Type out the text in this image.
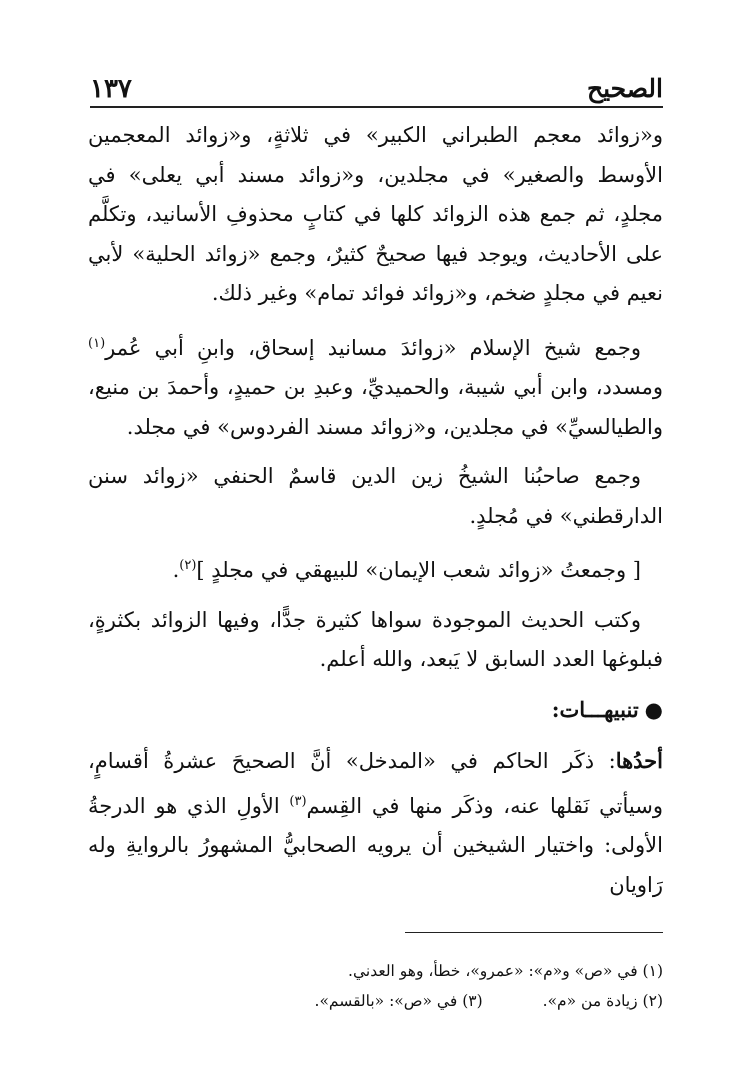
الصحيح
١٣٧

و«زوائد معجم الطبراني الكبير» في ثلاثةٍ، و«زوائد المعجمين الأوسط والصغير» في مجلدين، و«زوائد مسند أبي يعلى» في مجلدٍ، ثم جمع هذه الزوائد كلها في كتابٍ محذوفِ الأسانيد، وتكلَّم على الأحاديث، ويوجد فيها صحيحٌ كثيرٌ، وجمع «زوائد الحلية» لأبي نعيم في مجلدٍ ضخم، و«زوائد فوائد تمام» وغير ذلك.

وجمع شيخ الإسلام «زوائدَ مسانيد إسحاق، وابنِ أبي عُمر$^{(١)}$ ومسدد، وابن أبي شيبة، والحميديِّ، وعبدِ بن حميدٍ، وأحمدَ بن منيع، والطيالسيِّ» في مجلدين، و«زوائد مسند الفردوس» في مجلد.

وجمع صاحبُنا الشيخُ زين الدين قاسمٌ الحنفي «زوائد سنن الدارقطني» في مُجلدٍ.

[ وجمعتُ «زوائد شعب الإيمان» للبيهقي في مجلدٍ ]$^{(٢)}$.

وكتب الحديث الموجودة سواها كثيرة جدًّا، وفيها الزوائد بكثرةٍ، فبلوغها العدد السابق لا يَبعد، والله أعلم.

●تنبيهـــات:

أحدُها: ذكَر الحاكم في «المدخل» أنَّ الصحيحَ عشرةُ أقسامٍ، وسيأتي نَقلها عنه، وذكَر منها في القِسم$^{(٣)}$ الأولِ الذي هو الدرجةُ الأولى: واختيار الشيخين أن يرويه الصحابيُّ المشهورُ بالروايةِ وله رَاويان

(١) في «ص» و«م»: «عمرو»، خطأ، وهو العدني.
(٢) زيادة من «م».
(٣) في «ص»: «بالقسم».
